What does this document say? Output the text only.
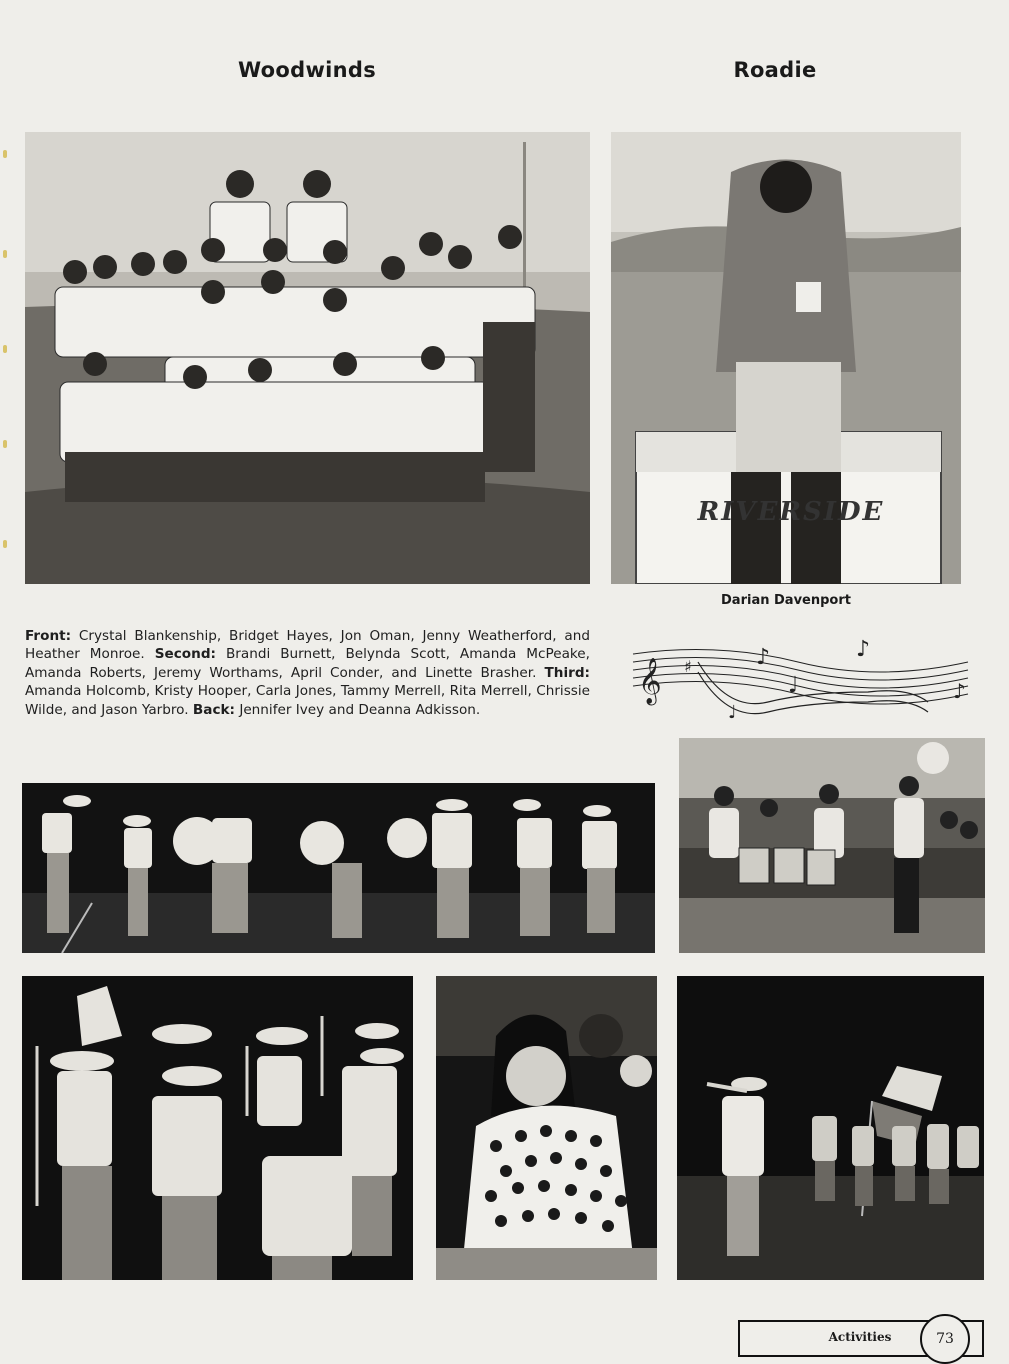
Woodwinds	Roadie
RIVERSIDE
Darian Davenport
Front: Crystal Blankenship, Bridget Hayes, Jon Oman, Jenny Weatherford, and Heather Monroe. Second: Brandi Burnett, Belynda Scott, Amanda McPeake, Amanda Roberts, Jeremy Worthams, April Conder, and Linette Brasher. Third: Amanda Holcomb, Kristy Hooper, Carla Jones, Tammy Merrell, Rita Merrell, Chrissie Wilde, and Jason Yarbro. Back: Jennifer Ivey and Deanna Adkisson.
𝄞 ♯	♪	♪
♩
♩
♪
Activities	73
